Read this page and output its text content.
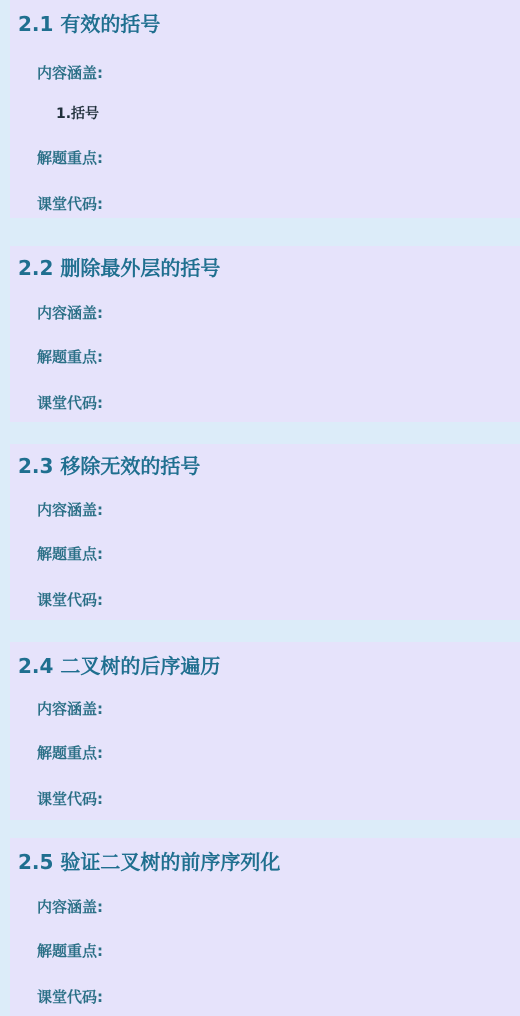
2.1 有效的括号
内容涵盖:
1.括号
解题重点:
课堂代码:
2.2 删除最外层的括号
内容涵盖:
解题重点:
课堂代码:
2.3 移除无效的括号
内容涵盖:
解题重点:
课堂代码:
2.4 二叉树的后序遍历
内容涵盖:
解题重点:
课堂代码:
2.5 验证二叉树的前序序列化
内容涵盖:
解题重点:
课堂代码:
